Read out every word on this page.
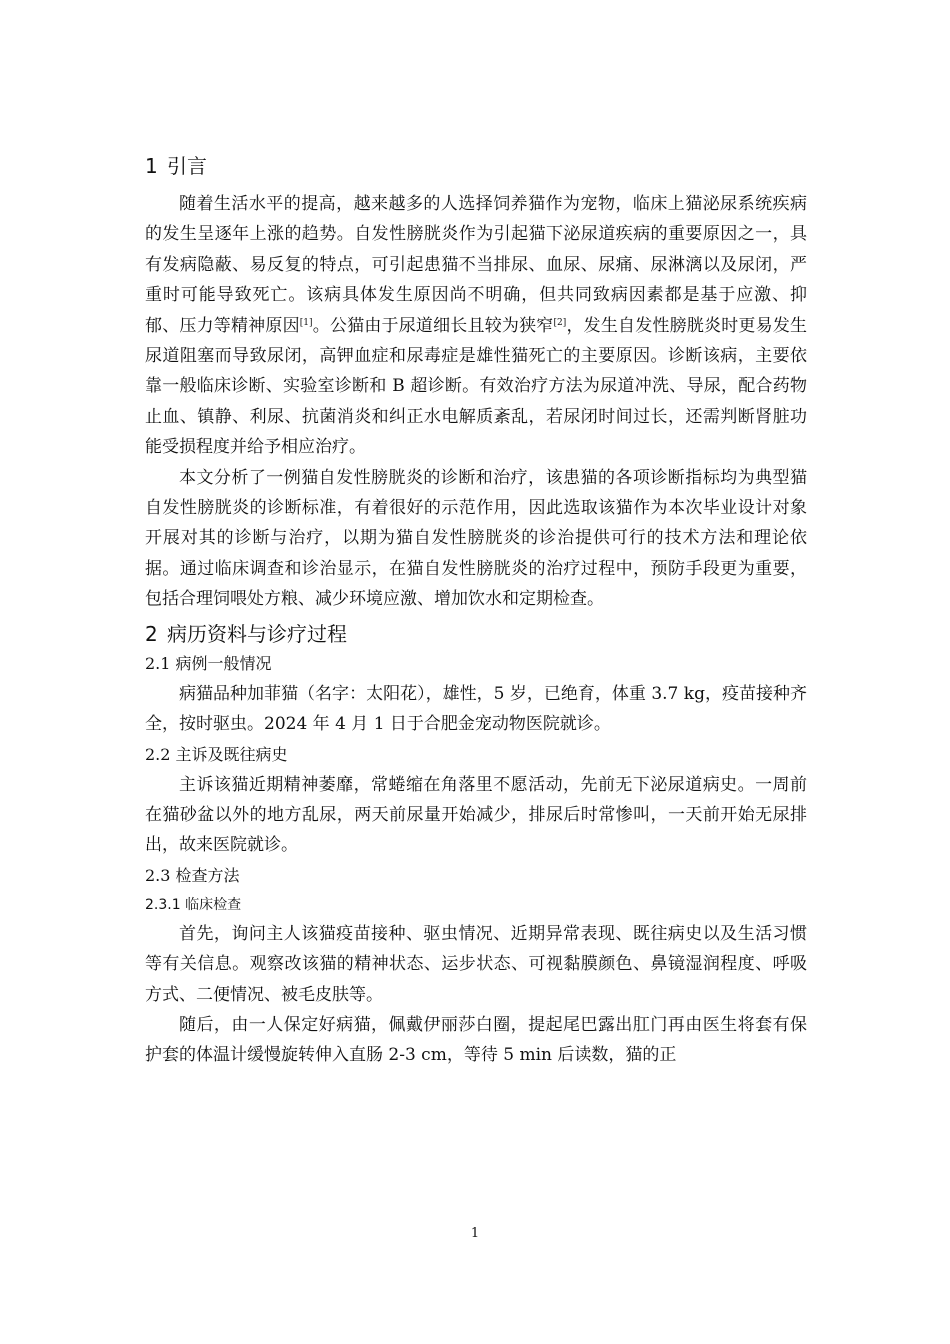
1 引言

随着生活水平的提高，越来越多的人选择饲养猫作为宠物，临床上猫泌尿系统疾病的发生呈逐年上涨的趋势。自发性膀胱炎作为引起猫下泌尿道疾病的重要原因之一，具有发病隐蔽、易反复的特点，可引起患猫不当排尿、血尿、尿痛、尿淋漓以及尿闭，严重时可能导致死亡。该病具体发生原因尚不明确，但共同致病因素都是基于应激、抑郁、压力等精神原因[1]。公猫由于尿道细长且较为狭窄[2]，发生自发性膀胱炎时更易发生尿道阻塞而导致尿闭，高钾血症和尿毒症是雄性猫死亡的主要原因。诊断该病，主要依靠一般临床诊断、实验室诊断和 B 超诊断。有效治疗方法为尿道冲洗、导尿，配合药物止血、镇静、利尿、抗菌消炎和纠正水电解质紊乱，若尿闭时间过长，还需判断肾脏功能受损程度并给予相应治疗。

本文分析了一例猫自发性膀胱炎的诊断和治疗，该患猫的各项诊断指标均为典型猫自发性膀胱炎的诊断标准，有着很好的示范作用，因此选取该猫作为本次毕业设计对象开展对其的诊断与治疗，以期为猫自发性膀胱炎的诊治提供可行的技术方法和理论依据。通过临床调查和诊治显示，在猫自发性膀胱炎的治疗过程中，预防手段更为重要，包括合理饲喂处方粮、减少环境应激、增加饮水和定期检查。

2 病历资料与诊疗过程
2.1 病例一般情况

病猫品种加菲猫（名字：太阳花），雄性，5 岁，已绝育，体重 3.7 kg，疫苗接种齐全，按时驱虫。2024 年 4 月 1 日于合肥金宠动物医院就诊。

2.2 主诉及既往病史

主诉该猫近期精神萎靡，常蜷缩在角落里不愿活动，先前无下泌尿道病史。一周前在猫砂盆以外的地方乱尿，两天前尿量开始减少，排尿后时常惨叫，一天前开始无尿排出，故来医院就诊。

2.3 检查方法
2.3.1 临床检查

首先，询问主人该猫疫苗接种、驱虫情况、近期异常表现、既往病史以及生活习惯等有关信息。观察改该猫的精神状态、运步状态、可视黏膜颜色、鼻镜湿润程度、呼吸方式、二便情况、被毛皮肤等。

随后，由一人保定好病猫，佩戴伊丽莎白圈，提起尾巴露出肛门再由医生将套有保护套的体温计缓慢旋转伸入直肠 2-3 cm，等待 5 min 后读数，猫的正

1
